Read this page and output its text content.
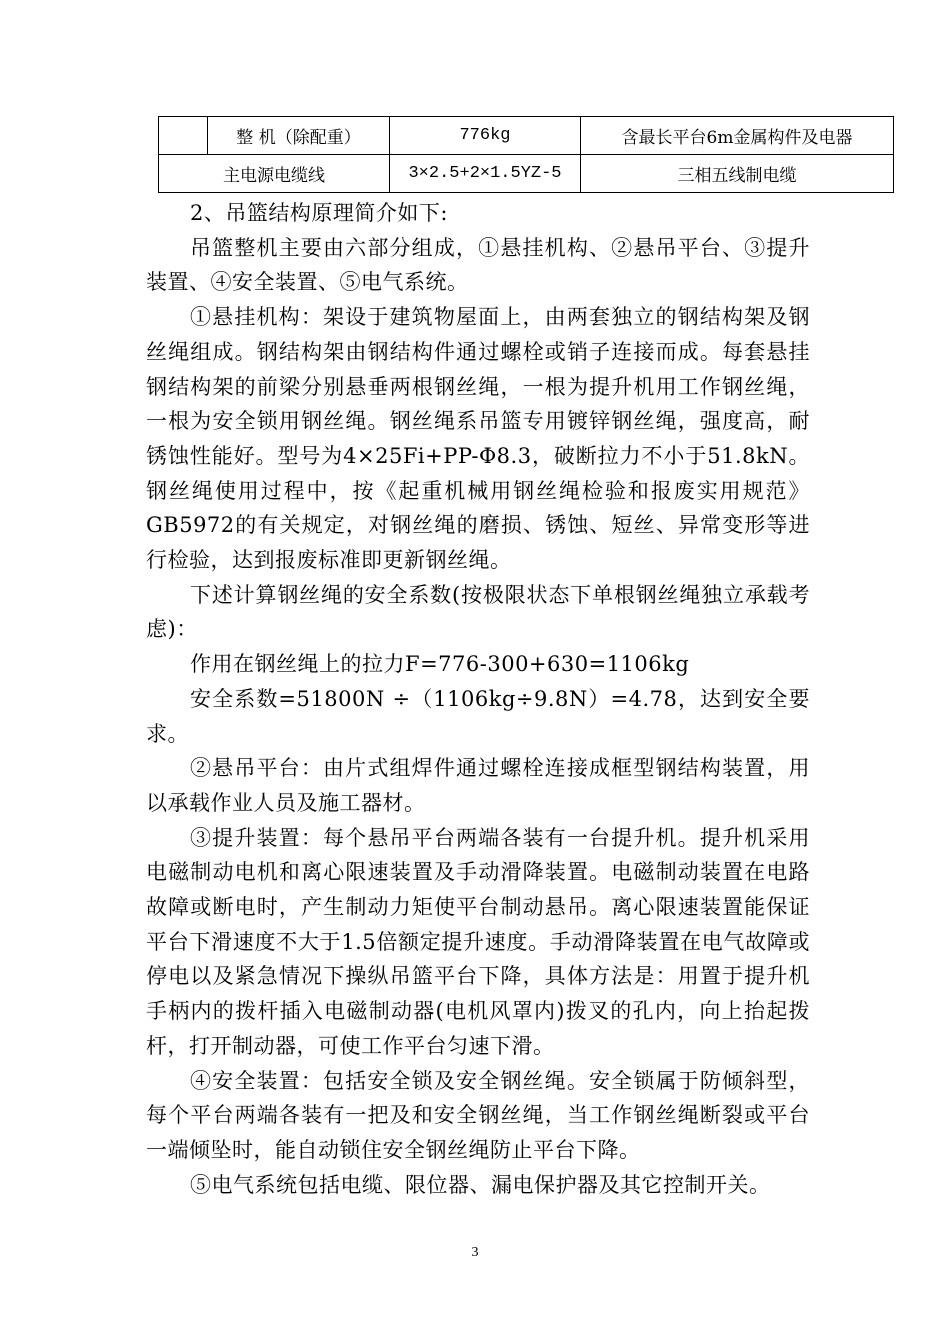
	整 机（除配重）	776kg	含最长平台6m金属构件及电器
主电源电缆线		3×2.5+2×1.5YZ-5	三相五线制电缆

2、吊篮结构原理简介如下:

吊篮整机主要由六部分组成，①悬挂机构、②悬吊平台、③提升装置、④安全装置、⑤电气系统。

①悬挂机构：架设于建筑物屋面上，由两套独立的钢结构架及钢丝绳组成。钢结构架由钢结构件通过螺栓或销子连接而成。每套悬挂钢结构架的前梁分别悬垂两根钢丝绳，一根为提升机用工作钢丝绳，一根为安全锁用钢丝绳。钢丝绳系吊篮专用镀锌钢丝绳，强度高，耐锈蚀性能好。型号为4×25Fi+PP-Φ8.3，破断拉力不小于51.8kN。钢丝绳使用过程中，按《起重机械用钢丝绳检验和报废实用规范》GB5972的有关规定，对钢丝绳的磨损、锈蚀、短丝、异常变形等进行检验，达到报废标准即更新钢丝绳。

下述计算钢丝绳的安全系数(按极限状态下单根钢丝绳独立承载考虑)：

作用在钢丝绳上的拉力F=776-300+630=1106kg

安全系数=51800N ÷（1106kg÷9.8N）=4.78，达到安全要求。

②悬吊平台：由片式组焊件通过螺栓连接成框型钢结构装置，用以承载作业人员及施工器材。

③提升装置：每个悬吊平台两端各装有一台提升机。提升机采用电磁制动电机和离心限速装置及手动滑降装置。电磁制动装置在电路故障或断电时，产生制动力矩使平台制动悬吊。离心限速装置能保证平台下滑速度不大于1.5倍额定提升速度。手动滑降装置在电气故障或停电以及紧急情况下操纵吊篮平台下降，具体方法是：用置于提升机手柄内的拨杆插入电磁制动器(电机风罩内)拨叉的孔内，向上抬起拨杆，打开制动器，可使工作平台匀速下滑。

④安全装置：包括安全锁及安全钢丝绳。安全锁属于防倾斜型，每个平台两端各装有一把及和安全钢丝绳，当工作钢丝绳断裂或平台一端倾坠时，能自动锁住安全钢丝绳防止平台下降。

⑤电气系统包括电缆、限位器、漏电保护器及其它控制开关。

3
